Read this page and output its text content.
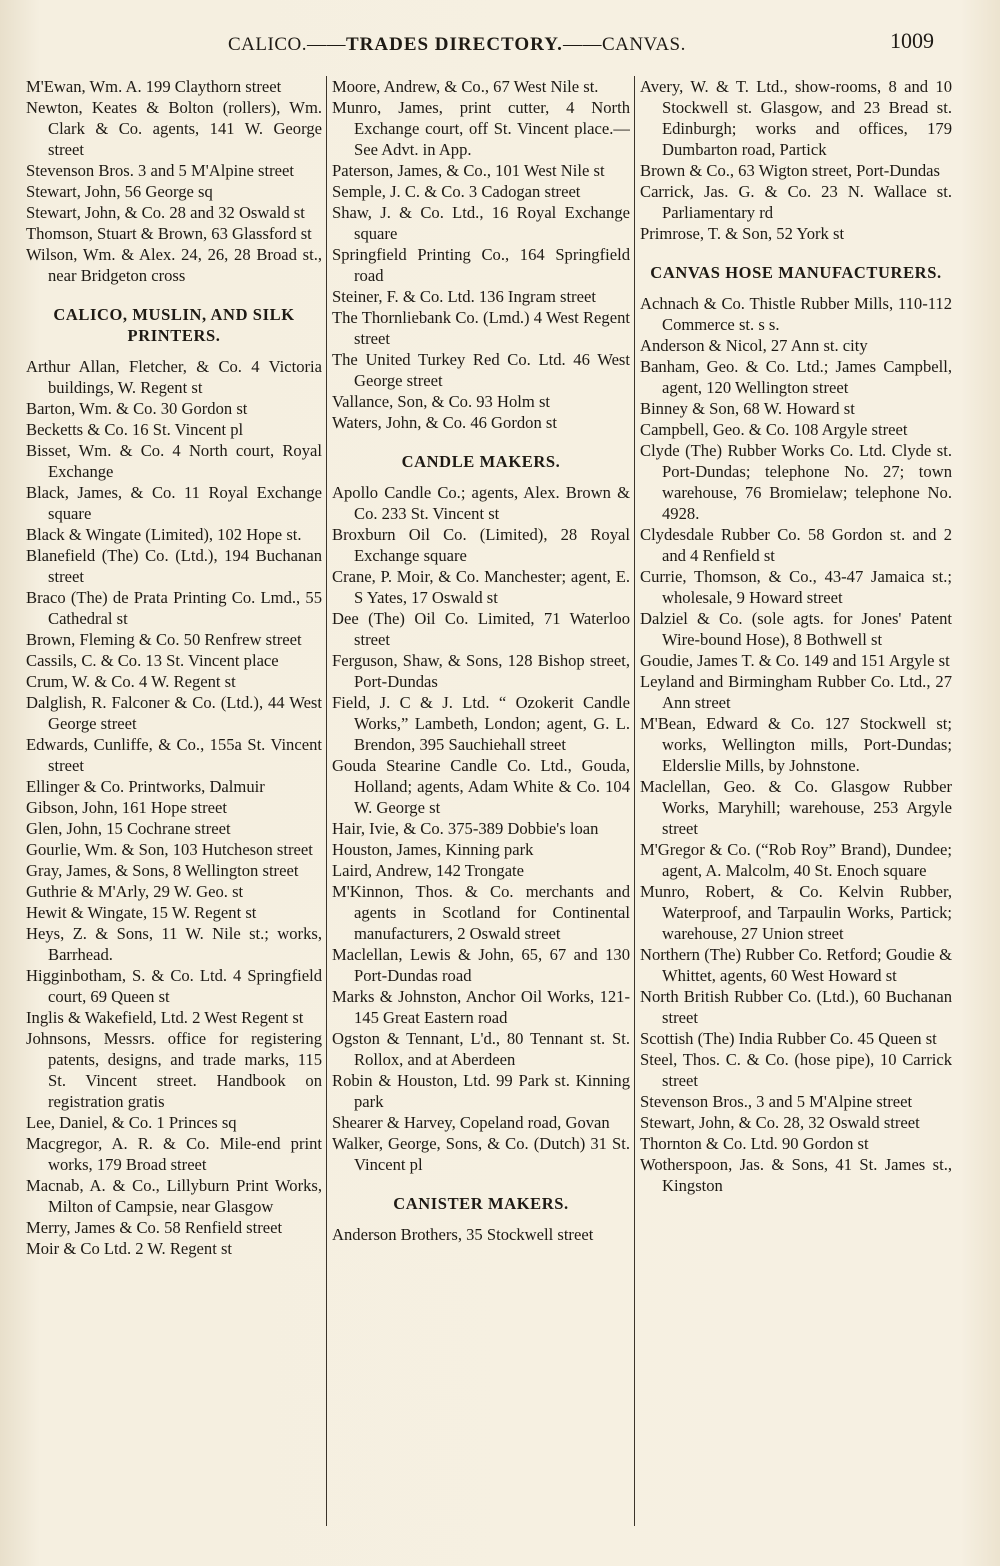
CALICO.——TRADES DIRECTORY.——CANVAS.	1009

M'Ewan, Wm. A. 199 Claythorn street

Newton, Keates & Bolton (rollers), Wm. Clark & Co. agents, 141 W. George street

Stevenson Bros. 3 and 5 M'Alpine street

Stewart, John, 56 George sq

Stewart, John, & Co. 28 and 32 Oswald st

Thomson, Stuart & Brown, 63 Glassford st

Wilson, Wm. & Alex. 24, 26, 28 Broad st., near Bridgeton cross

CALICO, MUSLIN, AND SILK PRINTERS.

Arthur Allan, Fletcher, & Co. 4 Victoria buildings, W. Regent st

Barton, Wm. & Co. 30 Gordon st

Becketts & Co. 16 St. Vincent pl

Bisset, Wm. & Co. 4 North court, Royal Exchange

Black, James, & Co. 11 Royal Exchange square

Black & Wingate (Limited), 102 Hope st.

Blanefield (The) Co. (Ltd.), 194 Buchanan street

Braco (The) de Prata Printing Co. Lmd., 55 Cathedral st

Brown, Fleming & Co. 50 Renfrew street

Cassils, C. & Co. 13 St. Vincent place

Crum, W. & Co. 4 W. Regent st

Dalglish, R. Falconer & Co. (Ltd.), 44 West George street

Edwards, Cunliffe, & Co., 155a St. Vincent street

Ellinger & Co. Printworks, Dalmuir

Gibson, John, 161 Hope street

Glen, John, 15 Cochrane street

Gourlie, Wm. & Son, 103 Hutcheson street

Gray, James, & Sons, 8 Wellington street

Guthrie & M'Arly, 29 W. Geo. st

Hewit & Wingate, 15 W. Regent st

Heys, Z. & Sons, 11 W. Nile st.; works, Barrhead.

Higginbotham, S. & Co. Ltd. 4 Springfield court, 69 Queen st

Inglis & Wakefield, Ltd. 2 West Regent st

Johnsons, Messrs. office for registering patents, designs, and trade marks, 115 St. Vincent street. Handbook on registration gratis

Lee, Daniel, & Co. 1 Princes sq

Macgregor, A. R. & Co. Mile-end print works, 179 Broad street

Macnab, A. & Co., Lillyburn Print Works, Milton of Campsie, near Glasgow

Merry, James & Co. 58 Renfield street

Moir & Co Ltd. 2 W. Regent st

Moore, Andrew, & Co., 67 West Nile st.

Munro, James, print cutter, 4 North Exchange court, off St. Vincent place.—See Advt. in App.

Paterson, James, & Co., 101 West Nile st

Semple, J. C. & Co. 3 Cadogan street

Shaw, J. & Co. Ltd., 16 Royal Exchange square

Springfield Printing Co., 164 Springfield road

Steiner, F. & Co. Ltd. 136 Ingram street

The Thornliebank Co. (Lmd.) 4 West Regent street

The United Turkey Red Co. Ltd. 46 West George street

Vallance, Son, & Co. 93 Holm st

Waters, John, & Co. 46 Gordon st

CANDLE MAKERS.

Apollo Candle Co.; agents, Alex. Brown & Co. 233 St. Vincent st

Broxburn Oil Co. (Limited), 28 Royal Exchange square

Crane, P. Moir, & Co. Manchester; agent, E. S Yates, 17 Oswald st

Dee (The) Oil Co. Limited, 71 Waterloo street

Ferguson, Shaw, & Sons, 128 Bishop street, Port-Dundas

Field, J. C & J. Ltd. “ Ozokerit Candle Works,” Lambeth, London; agent, G. L. Brendon, 395 Sauchiehall street

Gouda Stearine Candle Co. Ltd., Gouda, Holland; agents, Adam White & Co. 104 W. George st

Hair, Ivie, & Co. 375-389 Dobbie's loan

Houston, James, Kinning park

Laird, Andrew, 142 Trongate

M'Kinnon, Thos. & Co. merchants and agents in Scotland for Continental manufacturers, 2 Oswald street

Maclellan, Lewis & John, 65, 67 and 130 Port-Dundas road

Marks & Johnston, Anchor Oil Works, 121-145 Great Eastern road

Ogston & Tennant, L'd., 80 Tennant st. St. Rollox, and at Aberdeen

Robin & Houston, Ltd. 99 Park st. Kinning park

Shearer & Harvey, Copeland road, Govan

Walker, George, Sons, & Co. (Dutch) 31 St. Vincent pl

CANISTER MAKERS.

Anderson Brothers, 35 Stockwell street

Avery, W. & T. Ltd., show-rooms, 8 and 10 Stockwell st. Glasgow, and 23 Bread st. Edinburgh; works and offices, 179 Dumbarton road, Partick

Brown & Co., 63 Wigton street, Port-Dundas

Carrick, Jas. G. & Co. 23 N. Wallace st. Parliamentary rd

Primrose, T. & Son, 52 York st

CANVAS HOSE MANUFACTURERS.

Achnach & Co. Thistle Rubber Mills, 110-112 Commerce st. s s.

Anderson & Nicol, 27 Ann st. city

Banham, Geo. & Co. Ltd.; James Campbell, agent, 120 Wellington street

Binney & Son, 68 W. Howard st

Campbell, Geo. & Co. 108 Argyle street

Clyde (The) Rubber Works Co. Ltd. Clyde st. Port-Dundas; telephone No. 27; town warehouse, 76 Bromielaw; telephone No. 4928.

Clydesdale Rubber Co. 58 Gordon st. and 2 and 4 Renfield st

Currie, Thomson, & Co., 43-47 Jamaica st.; wholesale, 9 Howard street

Dalziel & Co. (sole agts. for Jones' Patent Wire-bound Hose), 8 Bothwell st

Goudie, James T. & Co. 149 and 151 Argyle st

Leyland and Birmingham Rubber Co. Ltd., 27 Ann street

M'Bean, Edward & Co. 127 Stockwell st; works, Wellington mills, Port-Dundas; Elderslie Mills, by Johnstone.

Maclellan, Geo. & Co. Glasgow Rubber Works, Maryhill; warehouse, 253 Argyle street

M'Gregor & Co. (“Rob Roy” Brand), Dundee; agent, A. Malcolm, 40 St. Enoch square

Munro, Robert, & Co. Kelvin Rubber, Waterproof, and Tarpaulin Works, Partick; warehouse, 27 Union street

Northern (The) Rubber Co. Retford; Goudie & Whittet, agents, 60 West Howard st

North British Rubber Co. (Ltd.), 60 Buchanan street

Scottish (The) India Rubber Co. 45 Queen st

Steel, Thos. C. & Co. (hose pipe), 10 Carrick street

Stevenson Bros., 3 and 5 M'Alpine street

Stewart, John, & Co. 28, 32 Oswald street

Thornton & Co. Ltd. 90 Gordon st

Wotherspoon, Jas. & Sons, 41 St. James st., Kingston
